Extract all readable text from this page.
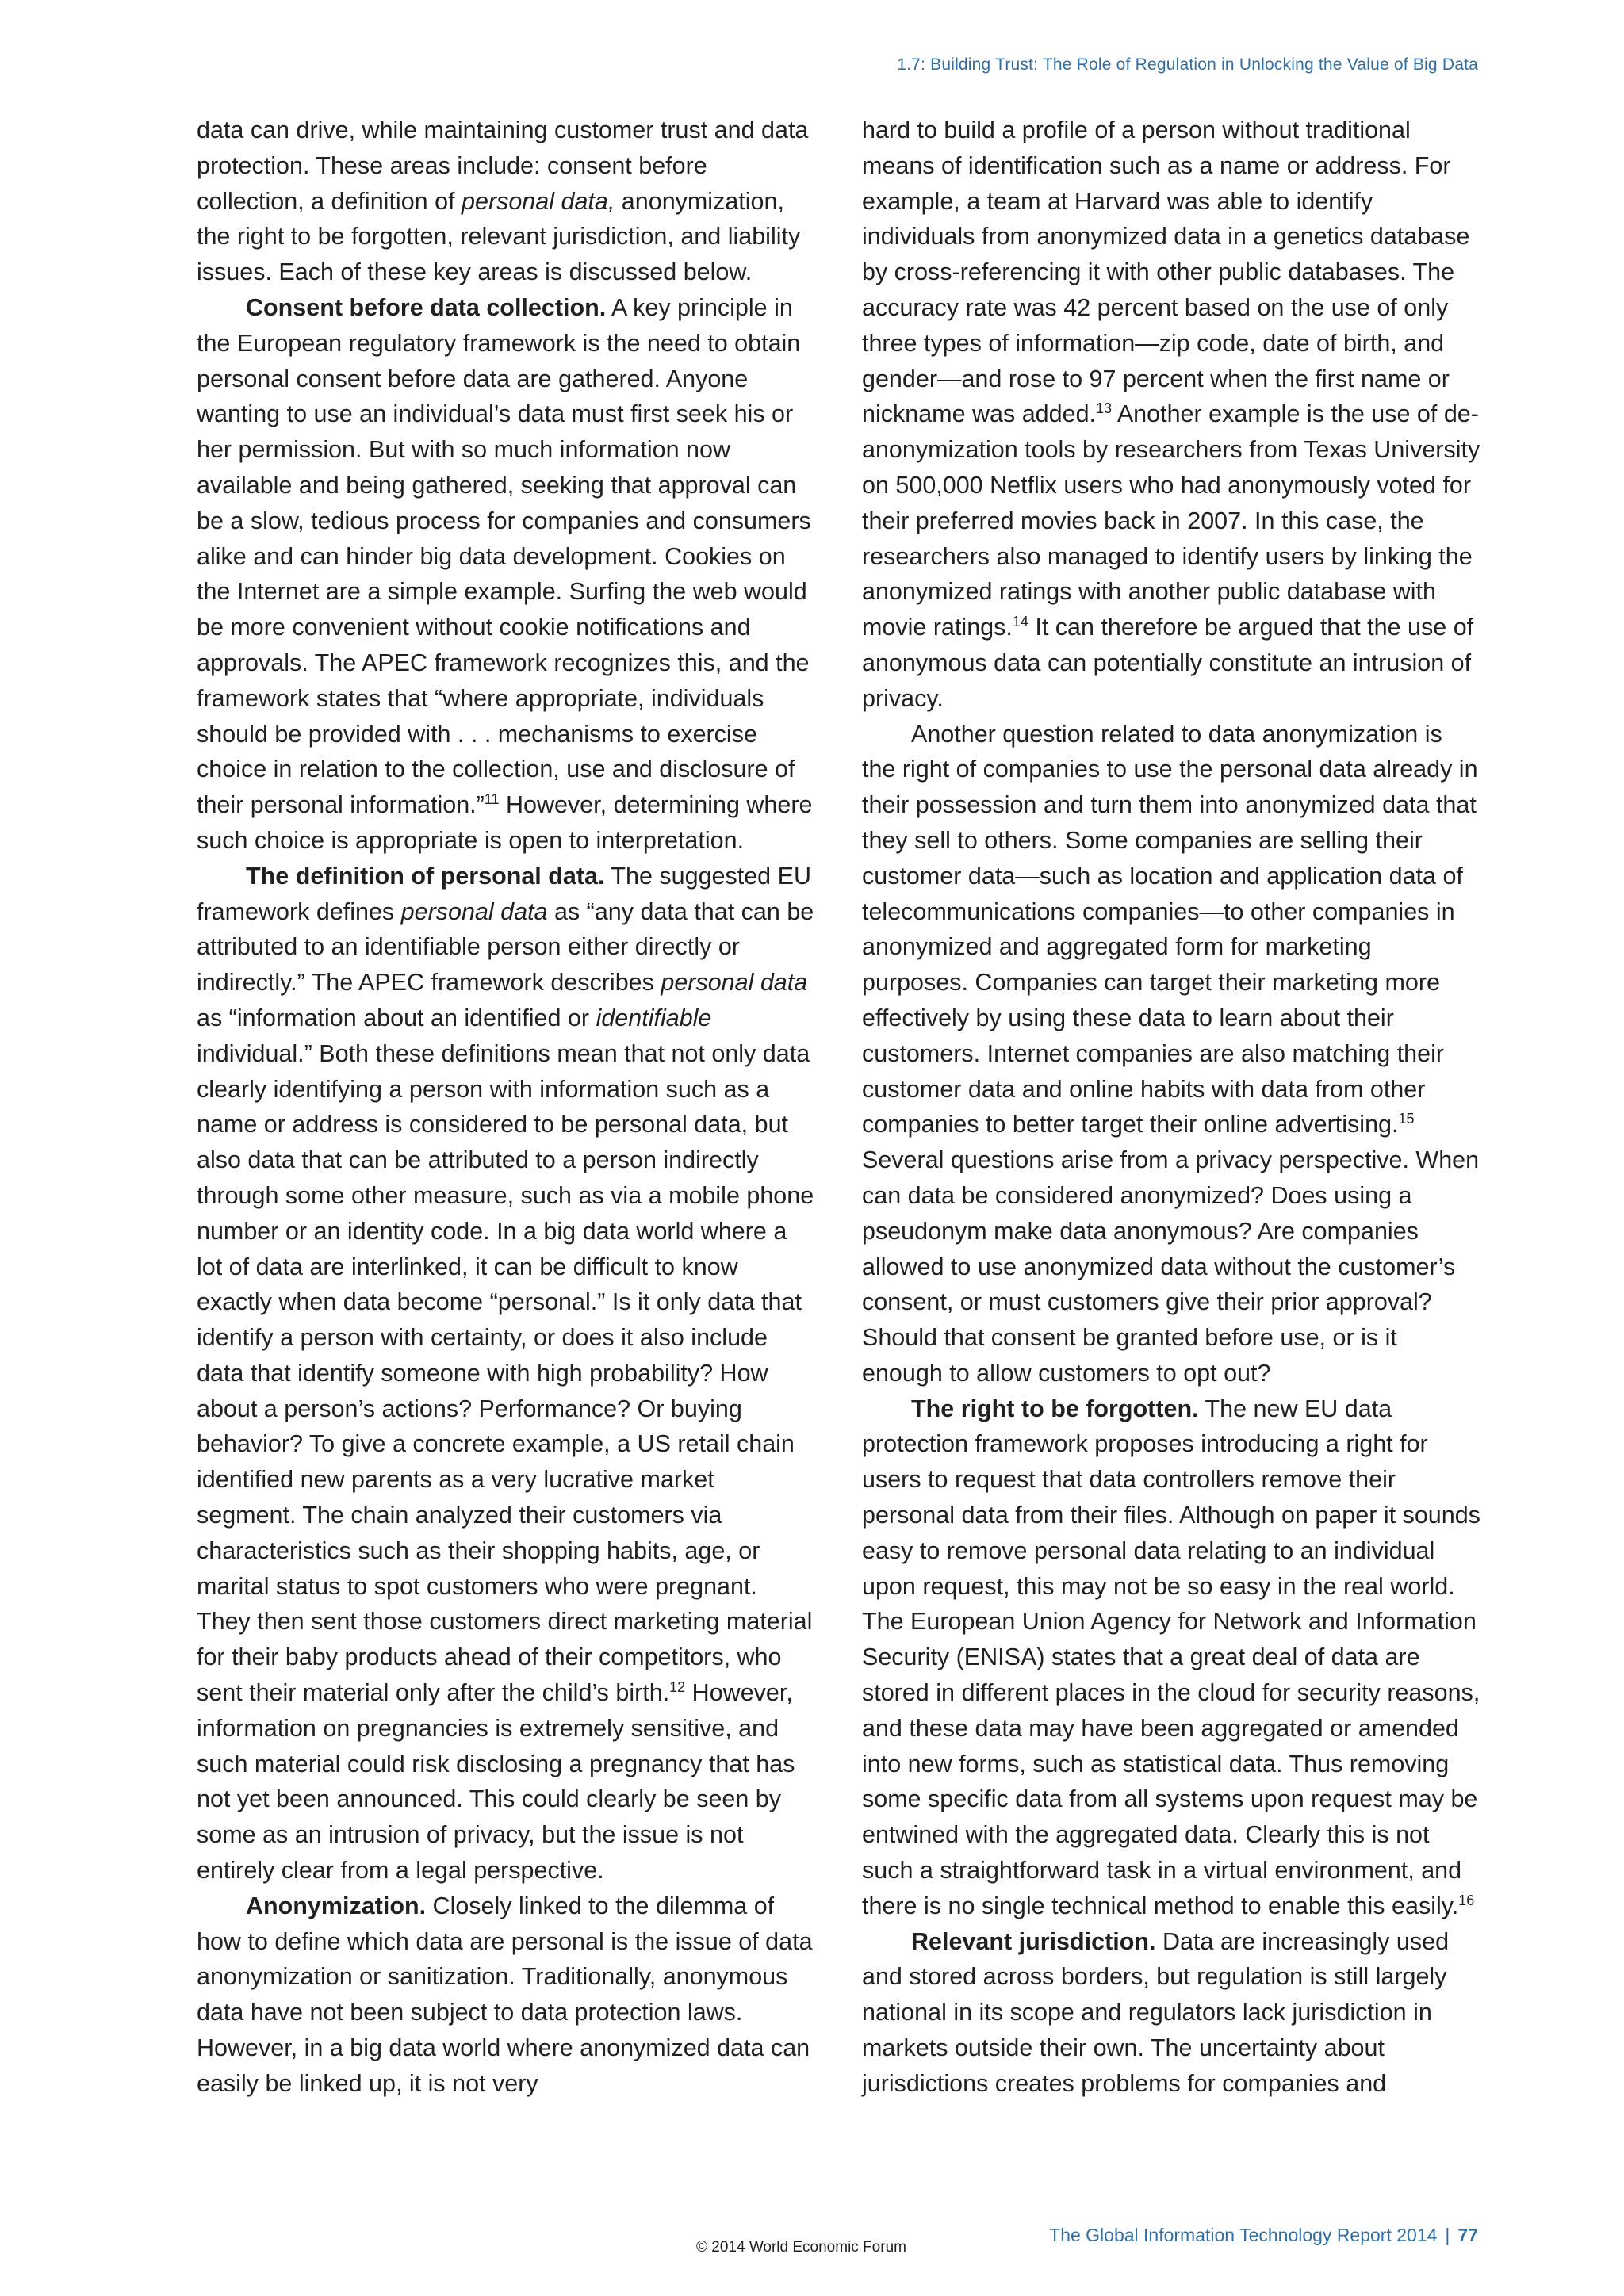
1.7: Building Trust: The Role of Regulation in Unlocking the Value of Big Data

data can drive, while maintaining customer trust and data protection. These areas include: consent before collection, a definition of personal data, anonymization, the right to be forgotten, relevant jurisdiction, and liability issues. Each of these key areas is discussed below.

Consent before data collection. A key principle in the European regulatory framework is the need to obtain personal consent before data are gathered. Anyone wanting to use an individual’s data must first seek his or her permission. But with so much information now available and being gathered, seeking that approval can be a slow, tedious process for companies and consumers alike and can hinder big data development. Cookies on the Internet are a simple example. Surfing the web would be more convenient without cookie notifications and approvals. The APEC framework recognizes this, and the framework states that “where appropriate, individuals should be provided with . . . mechanisms to exercise choice in relation to the collection, use and disclosure of their personal information.”$^{11}$ However, determining where such choice is appropriate is open to interpretation.

The definition of personal data. The suggested EU framework defines personal data as “any data that can be attributed to an identifiable person either directly or indirectly.” The APEC framework describes personal data as “information about an identified or identifiable individual.” Both these definitions mean that not only data clearly identifying a person with information such as a name or address is considered to be personal data, but also data that can be attributed to a person indirectly through some other measure, such as via a mobile phone number or an identity code. In a big data world where a lot of data are interlinked, it can be difficult to know exactly when data become “personal.” Is it only data that identify a person with certainty, or does it also include data that identify someone with high probability? How about a person’s actions? Performance? Or buying behavior? To give a concrete example, a US retail chain identified new parents as a very lucrative market segment. The chain analyzed their customers via characteristics such as their shopping habits, age, or marital status to spot customers who were pregnant. They then sent those customers direct marketing material for their baby products ahead of their competitors, who sent their material only after the child’s birth.$^{12}$ However, information on pregnancies is extremely sensitive, and such material could risk disclosing a pregnancy that has not yet been announced. This could clearly be seen by some as an intrusion of privacy, but the issue is not entirely clear from a legal perspective.

Anonymization. Closely linked to the dilemma of how to define which data are personal is the issue of data anonymization or sanitization. Traditionally, anonymous data have not been subject to data protection laws. However, in a big data world where anonymized data can easily be linked up, it is not very

hard to build a profile of a person without traditional means of identification such as a name or address. For example, a team at Harvard was able to identify individuals from anonymized data in a genetics database by cross-referencing it with other public databases. The accuracy rate was 42 percent based on the use of only three types of information—zip code, date of birth, and gender—and rose to 97 percent when the first name or nickname was added.$^{13}$ Another example is the use of de-anonymization tools by researchers from Texas University on 500,000 Netflix users who had anonymously voted for their preferred movies back in 2007. In this case, the researchers also managed to identify users by linking the anonymized ratings with another public database with movie ratings.$^{14}$ It can therefore be argued that the use of anonymous data can potentially constitute an intrusion of privacy.

Another question related to data anonymization is the right of companies to use the personal data already in their possession and turn them into anonymized data that they sell to others. Some companies are selling their customer data—such as location and application data of telecommunications companies—to other companies in anonymized and aggregated form for marketing purposes. Companies can target their marketing more effectively by using these data to learn about their customers. Internet companies are also matching their customer data and online habits with data from other companies to better target their online advertising.$^{15}$ Several questions arise from a privacy perspective. When can data be considered anonymized? Does using a pseudonym make data anonymous? Are companies allowed to use anonymized data without the customer’s consent, or must customers give their prior approval? Should that consent be granted before use, or is it enough to allow customers to opt out?

The right to be forgotten. The new EU data protection framework proposes introducing a right for users to request that data controllers remove their personal data from their files. Although on paper it sounds easy to remove personal data relating to an individual upon request, this may not be so easy in the real world. The European Union Agency for Network and Information Security (ENISA) states that a great deal of data are stored in different places in the cloud for security reasons, and these data may have been aggregated or amended into new forms, such as statistical data. Thus removing some specific data from all systems upon request may be entwined with the aggregated data. Clearly this is not such a straightforward task in a virtual environment, and there is no single technical method to enable this easily.$^{16}$

Relevant jurisdiction. Data are increasingly used and stored across borders, but regulation is still largely national in its scope and regulators lack jurisdiction in markets outside their own. The uncertainty about jurisdictions creates problems for companies and

The Global Information Technology Report 2014 | 77
© 2014 World Economic Forum
